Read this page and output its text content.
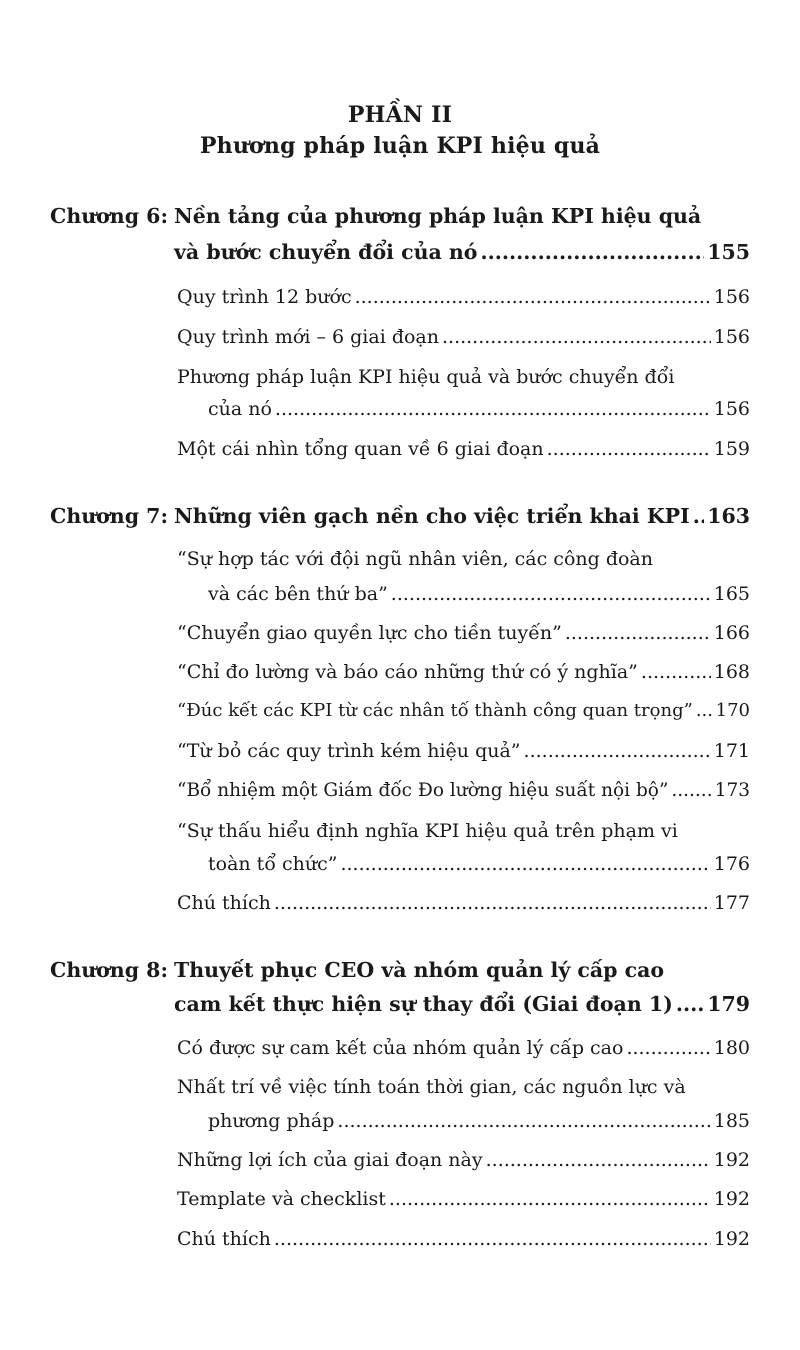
PHẦN II
Phương pháp luận KPI hiệu quả
Chương 6: Nền tảng của phương pháp luận KPI hiệu quả
và bước chuyển đổi của nó .....	155
Quy trình 12 bước .....	156
Quy trình mới – 6 giai đoạn .....	156
Phương pháp luận KPI hiệu quả và bước chuyển đổi
của nó .....	156
Một cái nhìn tổng quan về 6 giai đoạn .....	159
Chương 7: Những viên gạch nền cho việc triển khai KPI ..... 163
“Sự hợp tác với đội ngũ nhân viên, các công đoàn
và các bên thứ ba” .....	165
“Chuyển giao quyền lực cho tiền tuyến” .....	166
“Chỉ đo lường và báo cáo những thứ có ý nghĩa” .....	168
“Đúc kết các KPI từ các nhân tố thành công quan trọng” ..... 170
“Từ bỏ các quy trình kém hiệu quả” .....	171
“Bổ nhiệm một Giám đốc Đo lường hiệu suất nội bộ” .....	173
“Sự thấu hiểu định nghĩa KPI hiệu quả trên phạm vi
toàn tổ chức” .....	176
Chú thích .....	177
Chương 8: Thuyết phục CEO và nhóm quản lý cấp cao
cam kết thực hiện sự thay đổi (Giai đoạn 1) ..... 179
Có được sự cam kết của nhóm quản lý cấp cao .....	180
Nhất trí về việc tính toán thời gian, các nguồn lực và
phương pháp .....	185
Những lợi ích của giai đoạn này .....	192
Template và checklist .....	192
Chú thích .....	192
